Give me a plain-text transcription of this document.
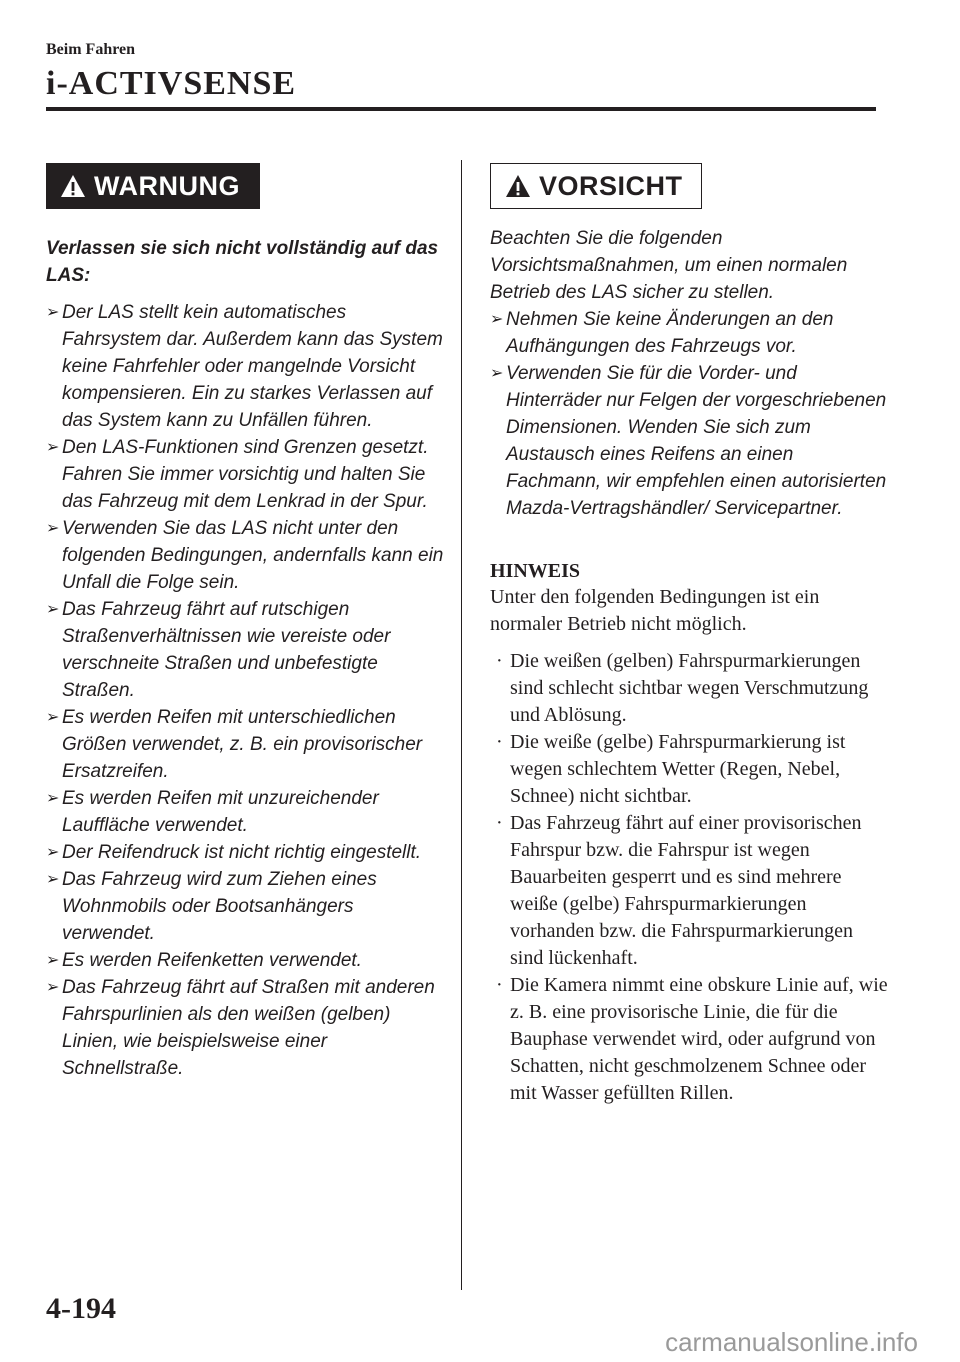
Beim Fahren
i-ACTIVSENSE
WARNUNG
Verlassen sie sich nicht vollständig auf das LAS:
➢ Der LAS stellt kein automatisches Fahrsystem dar. Außerdem kann das System keine Fahrfehler oder mangelnde Vorsicht kompensieren. Ein zu starkes Verlassen auf das System kann zu Unfällen führen.
➢ Den LAS-Funktionen sind Grenzen gesetzt. Fahren Sie immer vorsichtig und halten Sie das Fahrzeug mit dem Lenkrad in der Spur.
➢ Verwenden Sie das LAS nicht unter den folgenden Bedingungen, andernfalls kann ein Unfall die Folge sein.
➢ Das Fahrzeug fährt auf rutschigen Straßenverhältnissen wie vereiste oder verschneite Straßen und unbefestigte Straßen.
➢ Es werden Reifen mit unterschiedlichen Größen verwendet, z. B. ein provisorischer Ersatzreifen.
➢ Es werden Reifen mit unzureichender Lauffläche verwendet.
➢ Der Reifendruck ist nicht richtig eingestellt.
➢ Das Fahrzeug wird zum Ziehen eines Wohnmobils oder Bootsanhängers verwendet.
➢ Es werden Reifenketten verwendet.
➢ Das Fahrzeug fährt auf Straßen mit anderen Fahrspurlinien als den weißen (gelben) Linien, wie beispielsweise einer Schnellstraße.
VORSICHT
Beachten Sie die folgenden Vorsichtsmaßnahmen, um einen normalen Betrieb des LAS sicher zu stellen.
➢ Nehmen Sie keine Änderungen an den Aufhängungen des Fahrzeugs vor.
➢ Verwenden Sie für die Vorder- und Hinterräder nur Felgen der vorgeschriebenen Dimensionen. Wenden Sie sich zum Austausch eines Reifens an einen Fachmann, wir empfehlen einen autorisierten Mazda-Vertragshändler/ Servicepartner.
HINWEIS
Unter den folgenden Bedingungen ist ein normaler Betrieb nicht möglich.
· Die weißen (gelben) Fahrspurmarkierungen sind schlecht sichtbar wegen Verschmutzung und Ablösung.
· Die weiße (gelbe) Fahrspurmarkierung ist wegen schlechtem Wetter (Regen, Nebel, Schnee) nicht sichtbar.
· Das Fahrzeug fährt auf einer provisorischen Fahrspur bzw. die Fahrspur ist wegen Bauarbeiten gesperrt und es sind mehrere weiße (gelbe) Fahrspurmarkierungen vorhanden bzw. die Fahrspurmarkierungen sind lückenhaft.
· Die Kamera nimmt eine obskure Linie auf, wie z. B. eine provisorische Linie, die für die Bauphase verwendet wird, oder aufgrund von Schatten, nicht geschmolzenem Schnee oder mit Wasser gefüllten Rillen.
4-194
carmanualsonline.info
